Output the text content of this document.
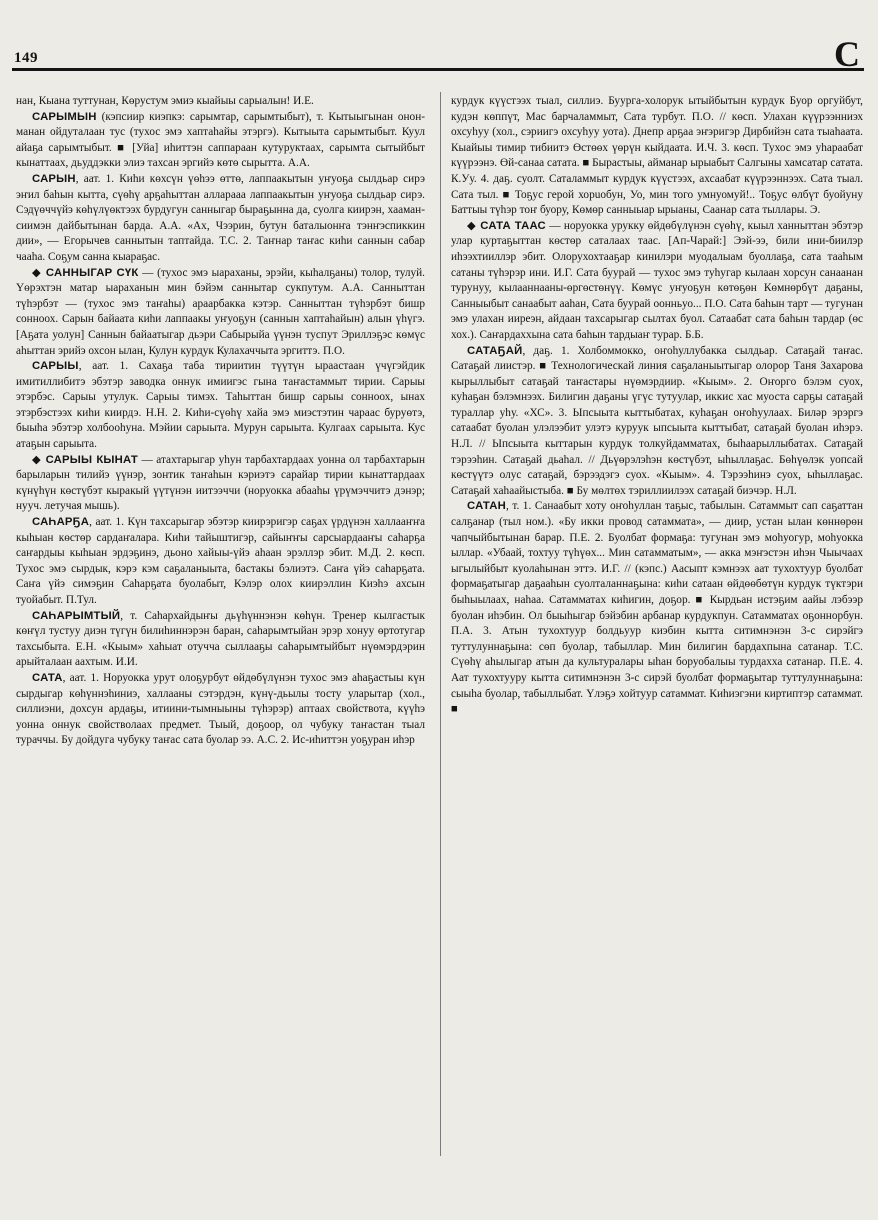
149	С

нан, Кыана туттунан, Көрустум эмиэ кыайыы сарыалын! И.Е.

САРЫМЫН (кэпсиир киэпкэ: сарымтар, сарымтыбыт), т. Кытыыгынан онон-манан ойдуталаан тус (тухос эмэ хаптаһайы этэргэ). Кытыыта сарымтыбыт. Куул айаҕа сарымтыбыт. ■ [Уйа] иһиттэн саппараан кутуруктаах, сарымта сытыйбыт кынаттаах, дьуддэкки элиэ тахсан эргийэ көтө сырытта. А.А.

САРЫН, аат. 1. Киһи көхсүн үөһээ өттө, лаппаакытын уҥуоҕа сылдьар сирэ эҥил баһын кытта, сүөһү арҕаһыттан алларааа лаппаакытын уҥуоҕа сылдьар сирэ. Сэдүөччүйэ көһүлүөктээх бурдугун санныгар быраҕынна да, суолга киирэн, хааман-сиимэн дайбытынан барда. А.А. «Ах, Чээрин, бутун баталыонҥа тэнҥэспиккин дии», — Егорычев саннытын таптайда. Т.С. 2. Таҥнар таҥас киһи саннын сабар чааһа. Соҕум санна кыараҕас.

◆ САННЫГАР СҮК — (тухос эмэ ыараханы, эрэйи, кыһалҕаны) толор, тулуй. Үөрэхтэн матар ыараханын мин бэйэм саннытар сукпутум. А.А. Санныттан түһэрбэт — (тухос эмэ таҥаһы) араарбакка кэтэр. Санныттан түһэрбэт бишр сонноох. Сарын байаата киһи лаппаакы уҥуоҕун (саннын хаптаһайын) алын үһүгэ. [Аҕата уолун] Саннын байаатыгар дьэри Сабырыйа үүнэн туспут Эриллэҕэс көмүс аһыттан эрийэ охсон ылан, Кулун курдук Кулахаччыта эргиттэ. П.О.

САРЫЫ, аат. 1. Сахаҕа таба тириитин түүтүн ыраастаан үчүгэйдик имитиллибитэ эбэтэр заводка оннук имиигэс гына таҥастаммыт тирии. Сарыы этэрбэс. Сарыы утулук. Сарыы тимэх. Таһыттан бишр сарыы сонноох, ынах этэрбэстээх киһи киирдэ. Н.Н. 2. Киһи-сүөһү хайа эмэ миэстэтин чараас буруөтэ, быыһа эбэтэр холбооһуна. Мэйии сарыыта. Мурун сарыыта. Кулгаах сарыыта. Кус атаҕын сарыыта.

◆ САРЫЫ КЫНАТ — атахтарыгар уһун тарбахтардаах уонна ол тарбахтарын барыларын тилийэ үүнэр, зонтик таҥаһын кэриэтэ сарайар тирии кынаттардаах күнүһүн көстүбэт кыракый үүтүнэн иитээччи (норуокка абааһы үрүмэччитэ дэнэр; нууч. летучая мышь).

САҺАРҔА, аат. 1. Күн тахсарыгар эбэтэр киирэригэр саҕах үрдүнэн халлааҥҥа кыһыан көстөр сардаҥалара. Киһи тайыштигэр, сайыҥҥы сарсыардааҥы саһарҕа саҥардыы кыһыан эрдэҕинэ, дьоно хайыы-үйэ аһаан эрэллэр эбит. М.Д. 2. көсп. Тухос эмэ сырдык, кэрэ кэм саҕаланыыта, бастакы бэлиэтэ. Саҥа үйэ саһарҕата. Саҥа үйэ симэҕин Саһарҕата буолабыт, Кэлэр олох киирэллин Киэһэ ахсын туойабыт. П.Тул.

САҺАРЫМТЫЙ, т. Саһархайдыҥы дьүһүннэнэн көһүн. Тренер кылгастык көҥүл тустуу диэн түгүн билиһиннэрэн баран, саһарымтыйан эрэр хонуу өртотугар тахсыбыта. Е.Н. «Кыым» хаһыат отучча сыллааҕы саһарымтыйбыт нүөмэрдэрин арыйталаан аахтым. И.И.

САТА, аат. 1. Норуокка урут олоҕурбут өйдөбүлүнэн тухос эмэ аһаҕастыы күн сырдыгар көһүннэһиниэ, халлааны сэтэрдэн, күнү-дьылы тосту уларытар (хол., силлиэни, дохсун ардаҕы, итиини-тымныыны түһэрэр) аптаах свойствота, күүһэ уонна оннук свойстволаах предмет. Тыый, доҕоор, ол чубуку таҥастан тыал тураччы. Бу дойдуга чубуку таҥас сата буолар ээ. А.С. 2. Ис-иһиттэн уоҕуран иһэр

курдук күүстээх тыал, силлиэ. Буургa-холорук ытыйбытын курдук Буор оргуйбут, кудэн көппүт, Мас барчаламмыт, Сата турбут. П.О. // көсп. Улахан күүрээнниэх охсуһуу (хол., сэриигэ охсуһуу уота). Днепр арҕаа эҥэригэр Дирбийэн сата тыаһаата. Кыайыы тимир тибиитэ Өстөөх үөрүн кыйдаата. И.Ч. 3. көсп. Тухос эмэ уһараабат күүрээнэ. Өй-санаа сатата. ■ Быраcтыы, айманар ырыабыт Салгыны хамсатар сатата. К.Уу. 4. даҕ. суолт. Саталаммыт курдук күүстээх, ахсаабат күүрээннээх. Сата тыал. Сата тыл. ■ Тоҕус герой хорuобун, Уо, мин того умнуомуй!.. Тоҕус өлбүт буойуну Баттыы түһэр тоҥ буору, Көмөр санныыар ырыаны, Саанар сата тыллары. Э.

◆ САТА ТААС — норуокка урукку өйдөбүлүнэн сүөһү, кыыл ханныттан эбэтэр улар куртаҕыттан көстөр саталаах таас. [Ап-Чарай:] Ээй-ээ, били ини-биилэр иһээхтииллэр эбит. Олорухохтааҕар кинилэри муодалыам буоллаҕа, сата тааһым сатаны түһэрэр ини. И.Г. Сата буурай — тухос эмэ туһугар кылаан хорсун санаанан турунуу, кылааннааны-өргөстөнүү. Көмүс уҥуоҕун көтөҕөн Көмнөрбүт даҕаны, Санныыбыт санаабыт ааһан, Сата буурай оонньуо... П.О. Сата баһын тарт — тугунан эмэ улахан ииреэн, айдаан тахсарыгар сылтах буол. Сатаабат сата баһын тардар (өс хох.). Саҥардаххына сата баһын тардыаҥ турар. Б.Б.

САТАҔАЙ, даҕ. 1. Холбоммокко, оҥоһуллубакка сылдьар. Сатаҕай таҥас. Сатаҕай лиистэр. ■ Технологическай линия саҕаланыытыгар олорор Таня Захарова кырыллыбыт сатаҕай таҥастары нүөмэрдиир. «Кыым». 2. Оҥоргo бэлэм суох, куһаҕан бэлэмнээх. Билигин даҕаны үгүс тутуулар, иккис хас муоста сарҕы сатаҕай тураллар уһу. «ХС». 3. Ыпсыыта кыттыбатах, куһаҕан оҥоһуулаах. Биләр эрэргэ сатаабат буолан улэлээбит улэтэ куруук ыпсыыта кыттыбат, сатаҕай буолан иһэрэ. Н.Л. // Ыпсыыта кыттарын курдук толкуйдамматах, быһаарыллыбатах. Сатаҕай тэрээһин. Сатаҕай дьаһал. // Дьүөрэлэһэн көстүбэт, ыһыллаҕас. Бөһүөлэк уопсай көстүүтэ олус сатаҕай, бэрээдэгэ суох. «Кыым». 4. Тэрээһинэ суох, ыһыллаҕас. Сатаҕай хаһаайыстыба. ■ Бу мөлтөх тэриллиилээх сатаҕай биэчэр. Н.Л.

САТАН, т. 1. Санаабыт хоту оҥоһуллан таҕыс, табылын. Сатаммыт сап саҕаттан салҕанар (тыл ном.). «Бу икки провод сатаммата», — диир, устан ылан көннөрөн чапчыйбытынан барар. П.Е. 2. Буолбат формаҕа: тугунан эмэ моһуогур, моһуокка ыллар. «Убаай, тохтуу түһүөх... Мин сатамматым», — акка мэҥэстэн иһэн Чыычаах ыгылыйбыт куолаһынан эттэ. И.Г. // (кэпс.) Аасыпт кэмнээх аат тухохтуур буолбат формаҕатыгар даҕааһын суолталаннаҕына: киһи сатаан өйдөөбөтүн курдук түктэри быһыылаах, наһаа. Сатамматах киһигин, доҕор. ■ Кырдьан истэҕим аайы лэбээр буолан иһэбин. Ол быыһыгар бэйэбин арбанар курдукпун. Сатамматах оҕоннорбун. П.А. 3. Атын тухохтуур болдьуур киэбин кытта ситимнэнэн 3-с сирэйгэ туттулуннаҕына: сөп буолар, табыллар. Мин билигин бардахпына сатанар. Т.С. Сүөһү аһылыгар атын да культуралары ыһан боруобалыы турдахха сатанар. П.Е. 4. Аат тухохтууру кытта ситимнэнэн 3-с сирэй буолбат формаҕытар туттулуннаҕына: сыыһа буолар, табыллыбат. Үлэҕэ хойтуур сатаммат. Киһиэгэни киртиптэр сатаммат. ■
